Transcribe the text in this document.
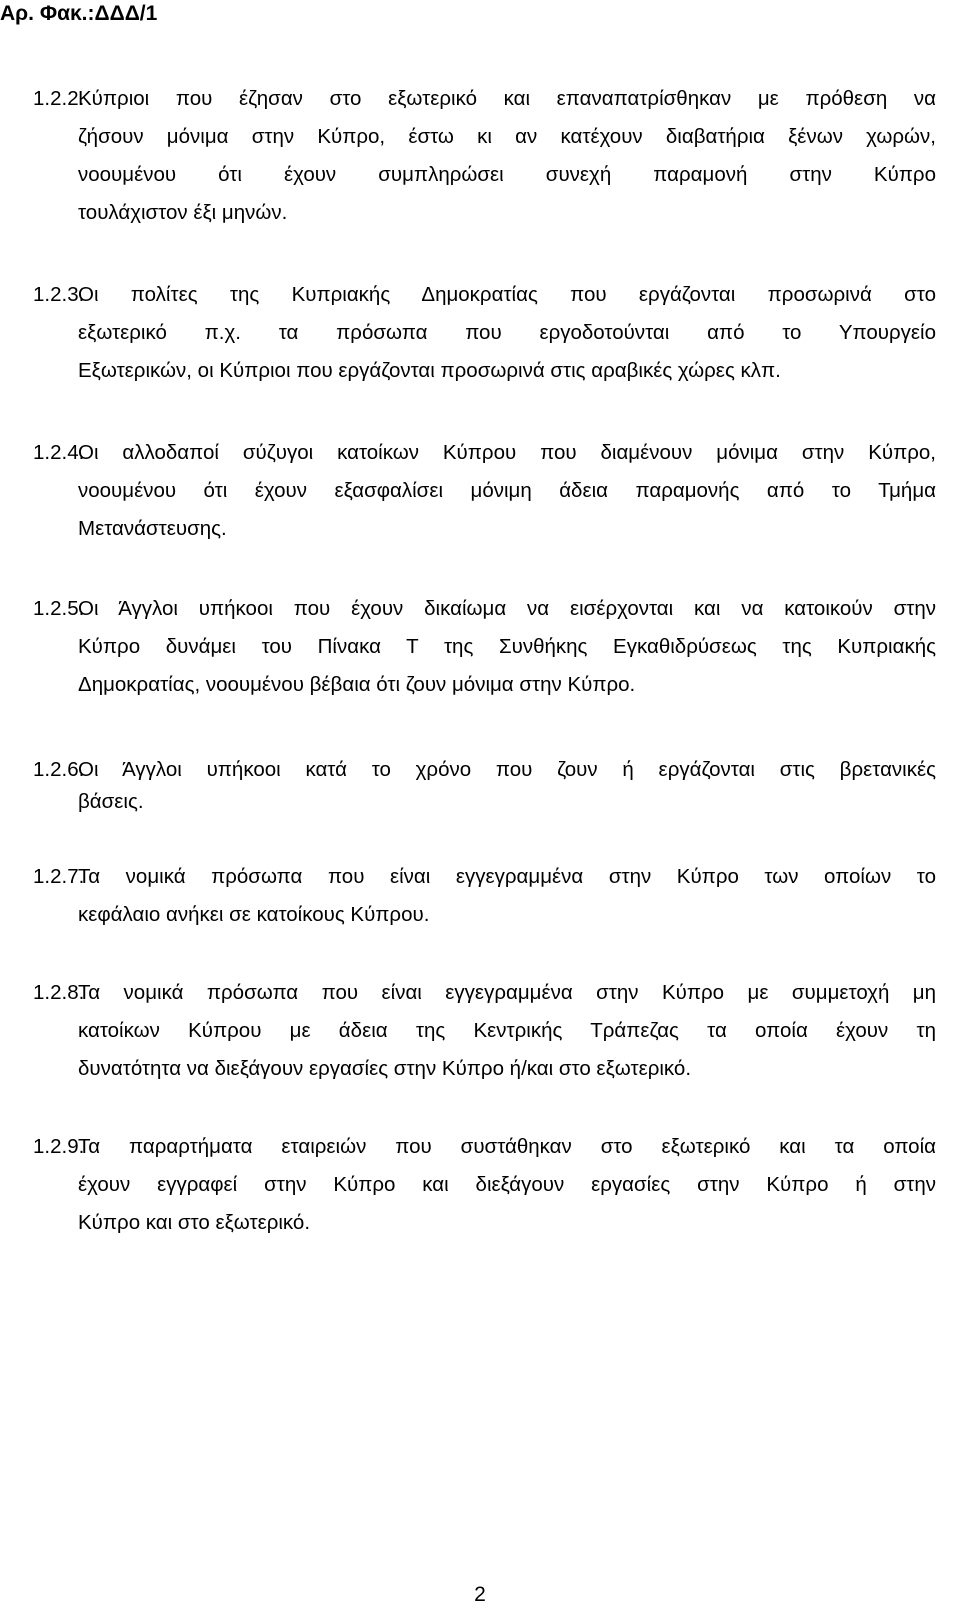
Αρ. Φακ.:ΔΔΔ/1

1.2.2.Κύπριοι που έζησαν στο εξωτερικό και επαναπατρίσθηκαν με πρόθεση να
ζήσουν μόνιμα στην Κύπρο, έστω κι αν κατέχουν διαβατήρια ξένων χωρών,
νοουμένου ότι έχουν συμπληρώσει συνεχή παραμονή στην Κύπρο
τουλάχιστον έξι μηνών.
1.2.3.Οι πολίτες της Κυπριακής Δημοκρατίας που εργάζονται προσωρινά στο
εξωτερικό π.χ. τα πρόσωπα που εργοδοτούνται από το Υπουργείο
Εξωτερικών, οι Κύπριοι που εργάζονται προσωρινά στις αραβικές χώρες κλπ.
1.2.4.Οι αλλοδαποί σύζυγοι κατοίκων Κύπρου που διαμένουν μόνιμα στην Κύπρο,
νοουμένου ότι έχουν εξασφαλίσει μόνιμη άδεια παραμονής από το Τμήμα
Μετανάστευσης.
1.2.5.Οι Άγγλοι υπήκοοι που έχουν δικαίωμα να εισέρχονται και να κατοικούν στην
Κύπρο δυνάμει του Πίνακα Τ της Συνθήκης Εγκαθιδρύσεως της Κυπριακής
Δημοκρατίας, νοουμένου βέβαια ότι ζουν μόνιμα στην Κύπρο.
1.2.6.Οι Άγγλοι υπήκοοι κατά το χρόνο που ζουν ή εργάζονται στις βρετανικές
βάσεις.
1.2.7.Τα νομικά πρόσωπα που είναι εγγεγραμμένα στην Κύπρο των οποίων το
κεφάλαιο ανήκει σε κατοίκους Κύπρου.
1.2.8.Τα νομικά πρόσωπα που είναι εγγεγραμμένα στην Κύπρο με συμμετοχή μη
κατοίκων Κύπρου με άδεια της Κεντρικής Τράπεζας τα οποία έχουν τη
δυνατότητα να διεξάγουν εργασίες στην Κύπρο ή/και στο εξωτερικό.
1.2.9.Τα παραρτήματα εταιρειών που συστάθηκαν στο εξωτερικό και τα οποία
έχουν εγγραφεί στην Κύπρο και διεξάγουν εργασίες στην Κύπρο ή στην
Κύπρο και στο εξωτερικό.

2
